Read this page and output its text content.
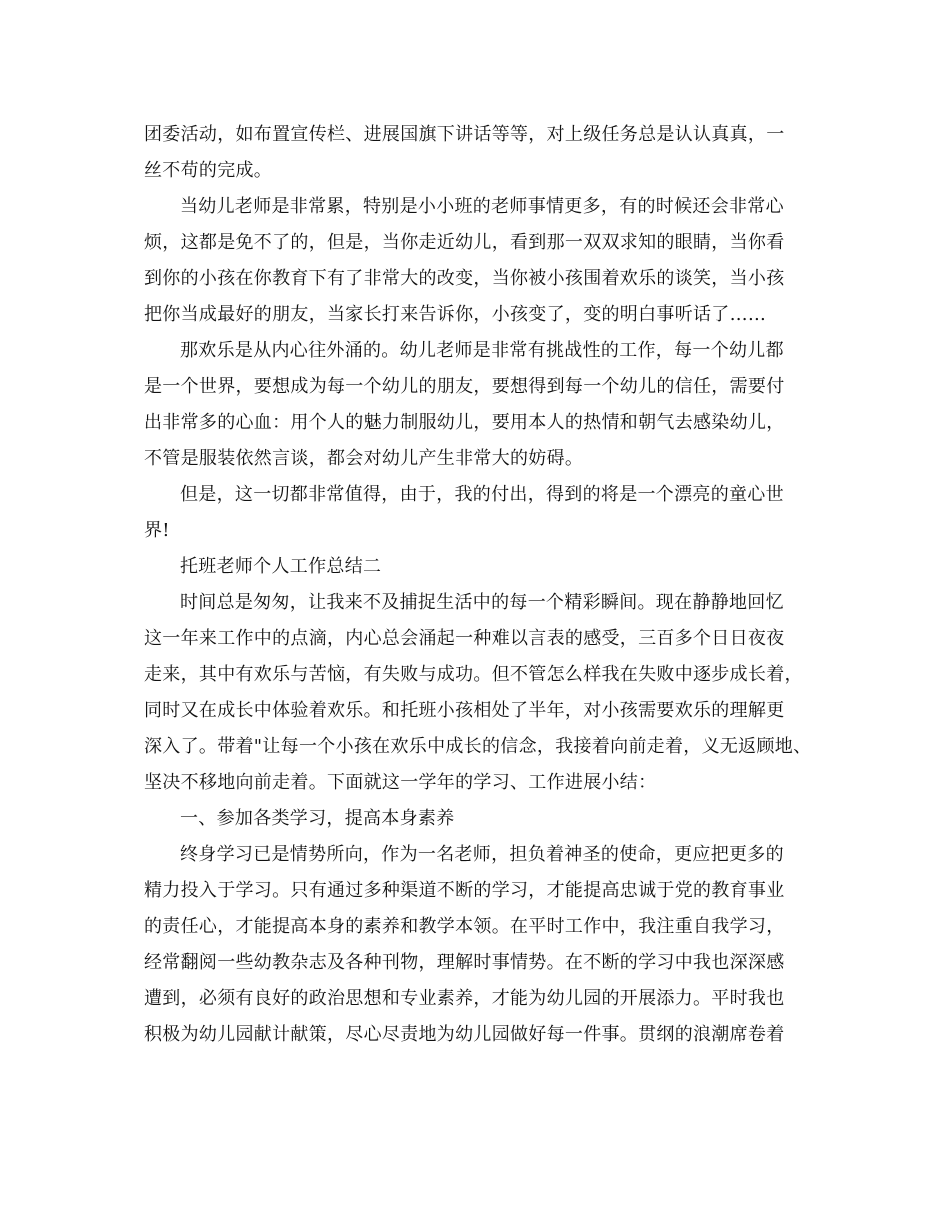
团委活动，如布置宣传栏、进展国旗下讲话等等，对上级任务总是认认真真，一
丝不苟的完成。
当幼儿老师是非常累，特别是小小班的老师事情更多，有的时候还会非常心
烦，这都是免不了的，但是，当你走近幼儿，看到那一双双求知的眼睛，当你看
到你的小孩在你教育下有了非常大的改变，当你被小孩围着欢乐的谈笑，当小孩
把你当成最好的朋友，当家长打来告诉你，小孩变了，变的明白事听话了……
那欢乐是从内心往外涌的。幼儿老师是非常有挑战性的工作，每一个幼儿都
是一个世界，要想成为每一个幼儿的朋友，要想得到每一个幼儿的信任，需要付
出非常多的心血：用个人的魅力制服幼儿，要用本人的热情和朝气去感染幼儿，
不管是服装依然言谈，都会对幼儿产生非常大的妨碍。
但是，这一切都非常值得，由于，我的付出，得到的将是一个漂亮的童心世
界!
托班老师个人工作总结二
时间总是匆匆，让我来不及捕捉生活中的每一个精彩瞬间。现在静静地回忆
这一年来工作中的点滴，内心总会涌起一种难以言表的感受，三百多个日日夜夜
走来，其中有欢乐与苦恼，有失败与成功。但不管怎么样我在失败中逐步成长着，
同时又在成长中体验着欢乐。和托班小孩相处了半年，对小孩需要欢乐的理解更
深入了。带着"让每一个小孩在欢乐中成长的信念，我接着向前走着，义无返顾地、
坚决不移地向前走着。下面就这一学年的学习、工作进展小结：
一、参加各类学习，提高本身素养
终身学习已是情势所向，作为一名老师，担负着神圣的使命，更应把更多的
精力投入于学习。只有通过多种渠道不断的学习，才能提高忠诚于党的教育事业
的责任心，才能提高本身的素养和教学本领。在平时工作中，我注重自我学习，
经常翻阅一些幼教杂志及各种刊物，理解时事情势。在不断的学习中我也深深感
遭到，必须有良好的政治思想和专业素养，才能为幼儿园的开展添力。平时我也
积极为幼儿园献计献策，尽心尽责地为幼儿园做好每一件事。贯纲的浪潮席卷着
